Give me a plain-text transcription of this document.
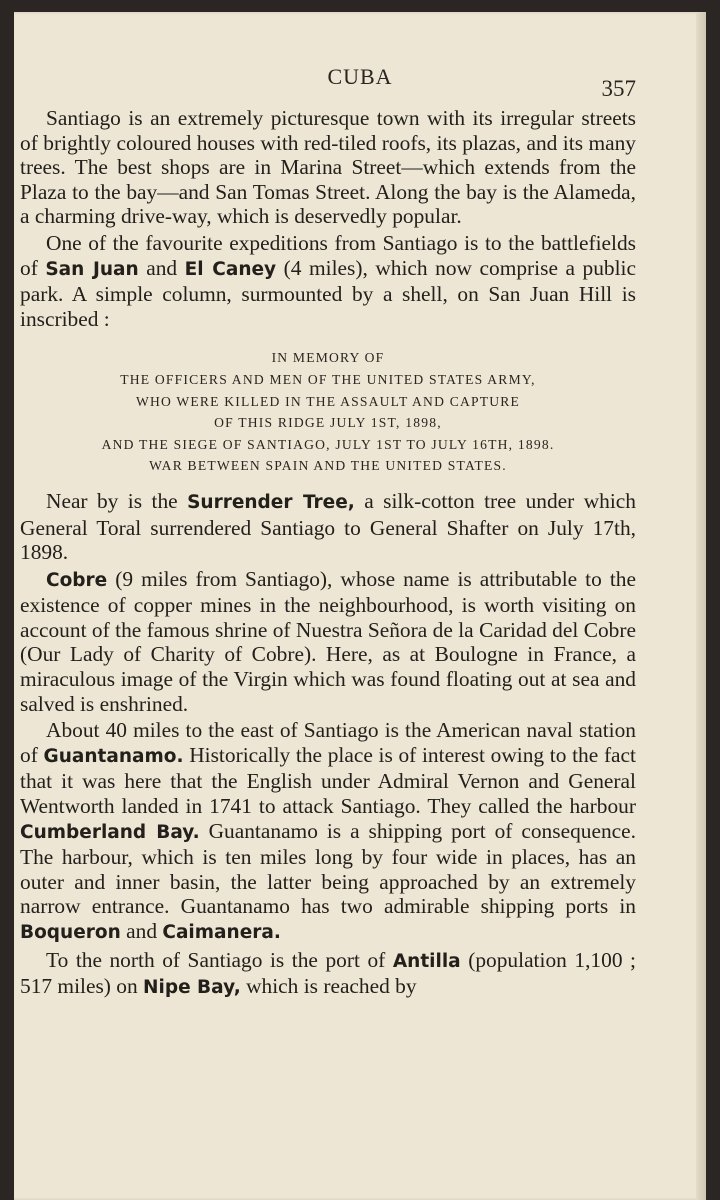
CUBA	357

Santiago is an extremely picturesque town with its irregular streets of brightly coloured houses with red-tiled roofs, its plazas, and its many trees. The best shops are in Marina Street—which extends from the Plaza to the bay—and San Tomas Street. Along the bay is the Alameda, a charming drive-way, which is deservedly popular.

One of the favourite expeditions from Santiago is to the battlefields of San Juan and El Caney (4 miles), which now comprise a public park. A simple column, surmounted by a shell, on San Juan Hill is inscribed :

IN MEMORY OF
THE OFFICERS AND MEN OF THE UNITED STATES ARMY,
WHO WERE KILLED IN THE ASSAULT AND CAPTURE
OF THIS RIDGE JULY 1ST, 1898,
AND THE SIEGE OF SANTIAGO, JULY 1ST TO JULY 16TH, 1898.
WAR BETWEEN SPAIN AND THE UNITED STATES.

Near by is the Surrender Tree, a silk-cotton tree under which General Toral surrendered Santiago to General Shafter on July 17th, 1898.

Cobre (9 miles from Santiago), whose name is attributable to the existence of copper mines in the neighbourhood, is worth visiting on account of the famous shrine of Nuestra Señora de la Caridad del Cobre (Our Lady of Charity of Cobre). Here, as at Boulogne in France, a miraculous image of the Virgin which was found floating out at sea and salved is enshrined.

About 40 miles to the east of Santiago is the American naval station of Guantanamo. Historically the place is of interest owing to the fact that it was here that the English under Admiral Vernon and General Wentworth landed in 1741 to attack Santiago. They called the harbour Cumberland Bay. Guantanamo is a shipping port of consequence. The harbour, which is ten miles long by four wide in places, has an outer and inner basin, the latter being approached by an extremely narrow entrance. Guantanamo has two admirable shipping ports in Boqueron and Caimanera.

To the north of Santiago is the port of Antilla (population 1,100 ; 517 miles) on Nipe Bay, which is reached by
